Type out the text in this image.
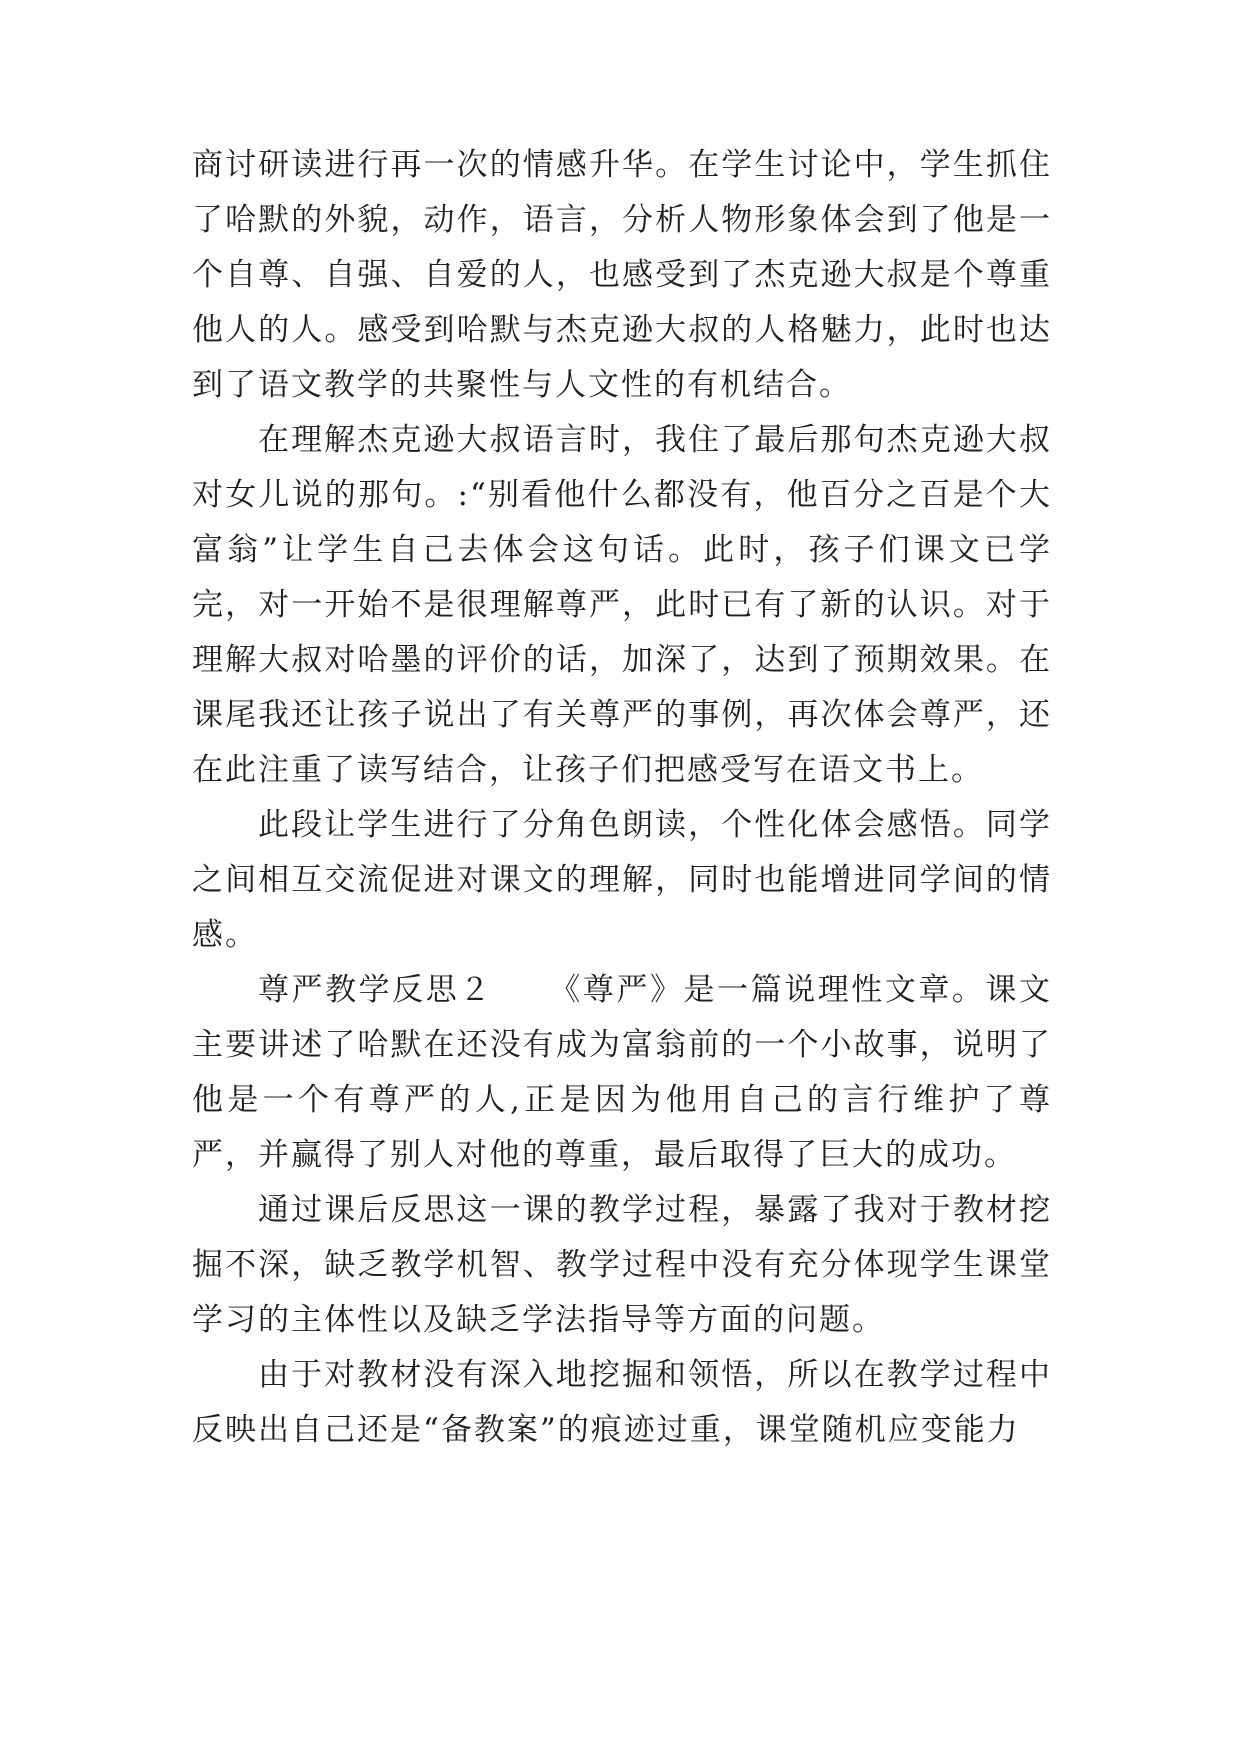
商讨研读进行再一次的情感升华。在学生讨论中，学生抓住了哈默的外貌，动作，语言，分析人物形象体会到了他是一个自尊、自强、自爱的人，也感受到了杰克逊大叔是个尊重他人的人。感受到哈默与杰克逊大叔的人格魅力，此时也达到了语文教学的共聚性与人文性的有机结合。

在理解杰克逊大叔语言时，我住了最后那句杰克逊大叔对女儿说的那句。:“别看他什么都没有，他百分之百是个大富翁”让学生自己去体会这句话。此时，孩子们课文已学完，对一开始不是很理解尊严，此时已有了新的认识。对于理解大叔对哈墨的评价的话，加深了，达到了预期效果。在课尾我还让孩子说出了有关尊严的事例，再次体会尊严，还在此注重了读写结合，让孩子们把感受写在语文书上。

此段让学生进行了分角色朗读，个性化体会感悟。同学之间相互交流促进对课文的理解，同时也能增进同学间的情感。

尊严教学反思２ 《尊严》是一篇说理性文章。课文主要讲述了哈默在还没有成为富翁前的一个小故事，说明了他是一个有尊严的人,正是因为他用自己的言行维护了尊严，并赢得了别人对他的尊重，最后取得了巨大的成功。

通过课后反思这一课的教学过程，暴露了我对于教材挖掘不深，缺乏教学机智、教学过程中没有充分体现学生课堂学习的主体性以及缺乏学法指导等方面的问题。

由于对教材没有深入地挖掘和领悟，所以在教学过程中反映出自己还是“备教案”的痕迹过重，课堂随机应变能力
